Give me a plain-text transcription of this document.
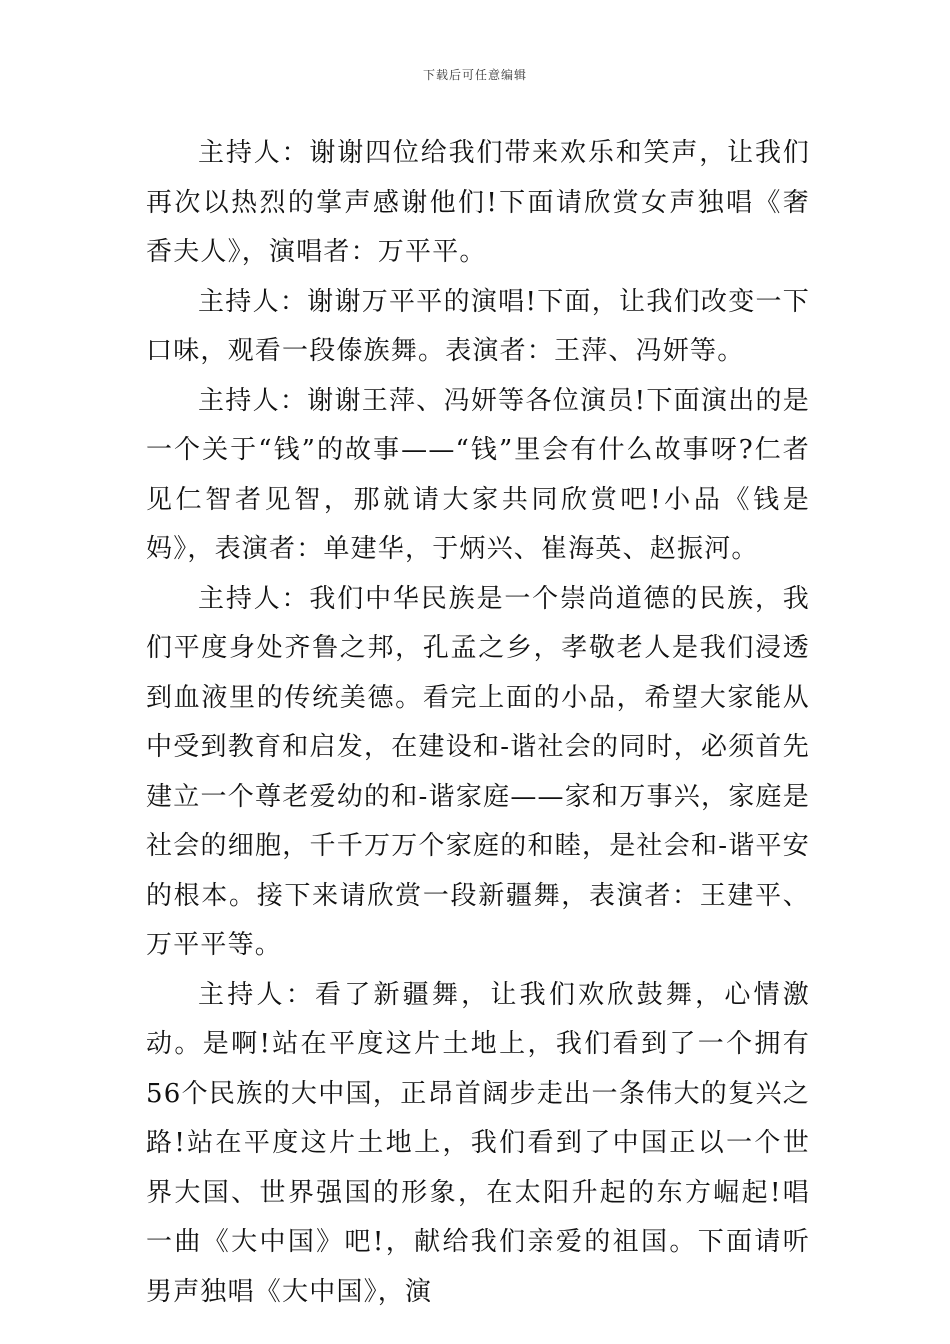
下载后可任意编辑

主持人：谢谢四位给我们带来欢乐和笑声，让我们再次以热烈的掌声感谢他们!下面请欣赏女声独唱《奢香夫人》，演唱者：万平平。

主持人：谢谢万平平的演唱!下面，让我们改变一下口味，观看一段傣族舞。表演者：王萍、冯妍等。

主持人：谢谢王萍、冯妍等各位演员!下面演出的是一个关于“钱”的故事——“钱”里会有什么故事呀?仁者见仁智者见智，那就请大家共同欣赏吧!小品《钱是妈》，表演者：单建华，于炳兴、崔海英、赵振河。

主持人：我们中华民族是一个崇尚道德的民族，我们平度身处齐鲁之邦，孔孟之乡，孝敬老人是我们浸透到血液里的传统美德。看完上面的小品，希望大家能从中受到教育和启发，在建设和-谐社会的同时，必须首先建立一个尊老爱幼的和-谐家庭——家和万事兴，家庭是社会的细胞，千千万万个家庭的和睦，是社会和-谐平安的根本。接下来请欣赏一段新疆舞，表演者：王建平、万平平等。

主持人：看了新疆舞，让我们欢欣鼓舞，心情激动。是啊!站在平度这片土地上，我们看到了一个拥有56个民族的大中国，正昂首阔步走出一条伟大的复兴之路!站在平度这片土地上，我们看到了中国正以一个世界大国、世界强国的形象，在太阳升起的东方崛起!唱一曲《大中国》吧!，献给我们亲爱的祖国。下面请听男声独唱《大中国》，演
